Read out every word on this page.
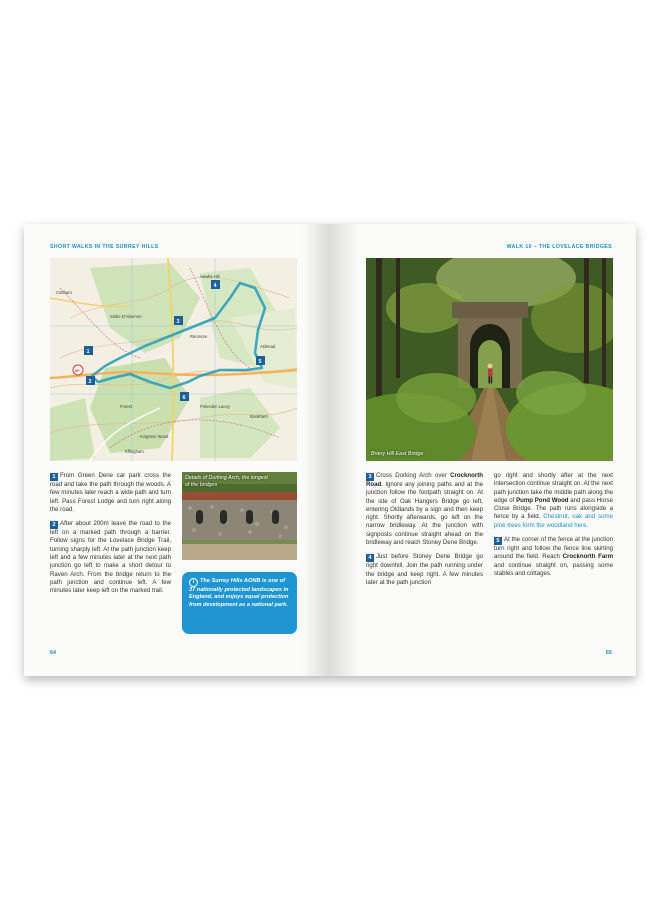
SHORT WALKS IN THE SURREY HILLS
Cobham
Forest
Stoke D'Abernon
Ranmore
Kingston Wood
Bookham
Hawks Hill
Effingham
Polesden Lacey
Ashtead
1
2
3
4
5
6
SP

1 From Green Dene car park cross the road and take the path through the woods. A few minutes later reach a wide path and turn left. Pass Forest Lodge and turn right along the road.

2 After about 200m leave the road to the left on a marked path through a barrier. Follow signs for the Lovelace Bridge Trail, turning sharply left. At the path junction keep left and a few minutes later at the next path junction go left to make a short detour to Raven Arch. From the bridge return to the path junction and continue left. A few minutes later keep left on the marked trail.

Details of Dorking Arch, the longest of the bridges
i The Surrey Hills AONB is one of 37 nationally protected landscapes in England, and enjoys equal protection from development as a national park.
64
WALK 10 – THE LOVELACE BRIDGES
Briery Hill East Bridge

3 Cross Dorking Arch over Crocknorth Road. Ignore any joining paths and at the junction follow the footpath straight on. At the site of Oak Hangers Bridge go left, entering Oldlands by a sign and then keep right. Shortly afterwards, go left on the narrow bridleway. At the junction with signposts continue straight ahead on the bridleway and reach Stoney Dene Bridge.

4 Just before Stoney Dene Bridge go right downhill. Join the path running under the bridge and keep right. A few minutes later at the path junction

go right and shortly after at the next intersection continue straight on. At the next path junction take the middle path along the edge of Pump Pond Wood and pass Horse Close Bridge. The path runs alongside a fence by a field. Chestnut, oak and some pine trees form the woodland here.

5 At the corner of the fence at the junction turn right and follow the fence line skirting around the field. Reach Crocknorth Farm and continue straight on, passing some stables and cottages.

65
